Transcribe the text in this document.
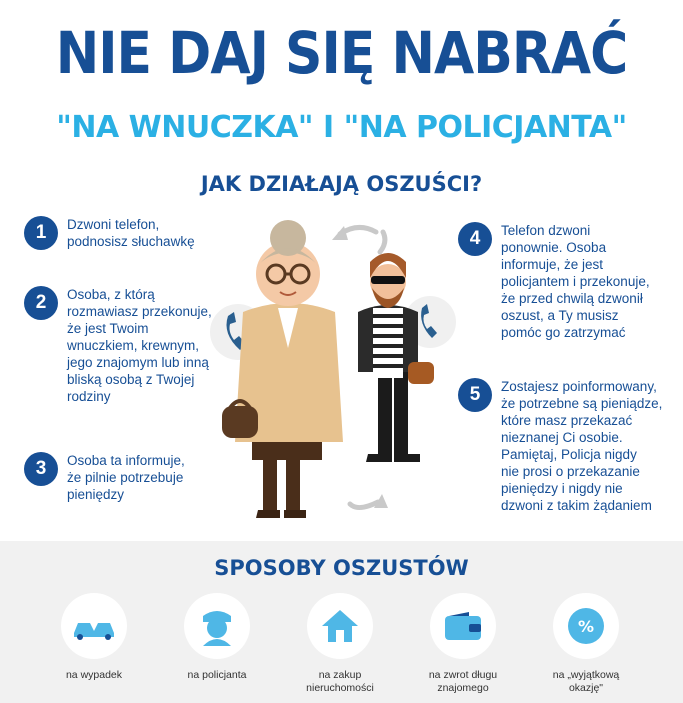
NIE DAJ SIĘ NABRAĆ
"NA WNUCZKA" I "NA POLICJANTA"
JAK DZIAŁAJĄ OSZUŚCI?
1	Dzwoni telefon,
podnosisz słuchawkę
2	Osoba, z którą
rozmawiasz przekonuje,
że jest Twoim
wnuczkiem, krewnym,
jego znajomym lub inną
bliską osobą z Twojej
rodziny
3	Osoba ta informuje,
że pilnie potrzebuje
pieniędzy
4	Telefon dzwoni
ponownie. Osoba
informuje, że jest
policjantem i przekonuje,
że przed chwilą dzwonił
oszust, a Ty musisz
pomóc go zatrzymać
5	Zostajesz poinformowany,
że potrzebne są pieniądze,
które masz przekazać
nieznanej Ci osobie.
Pamiętaj, Policja nigdy
nie prosi o przekazanie
pieniędzy i nigdy nie
dzwoni z takim żądaniem
SPOSOBY OSZUSTÓW
na wypadek	na policjanta	na zakup
nieruchomości
na zwrot długu
znajomego
%
na „wyjątkową
okazję"
